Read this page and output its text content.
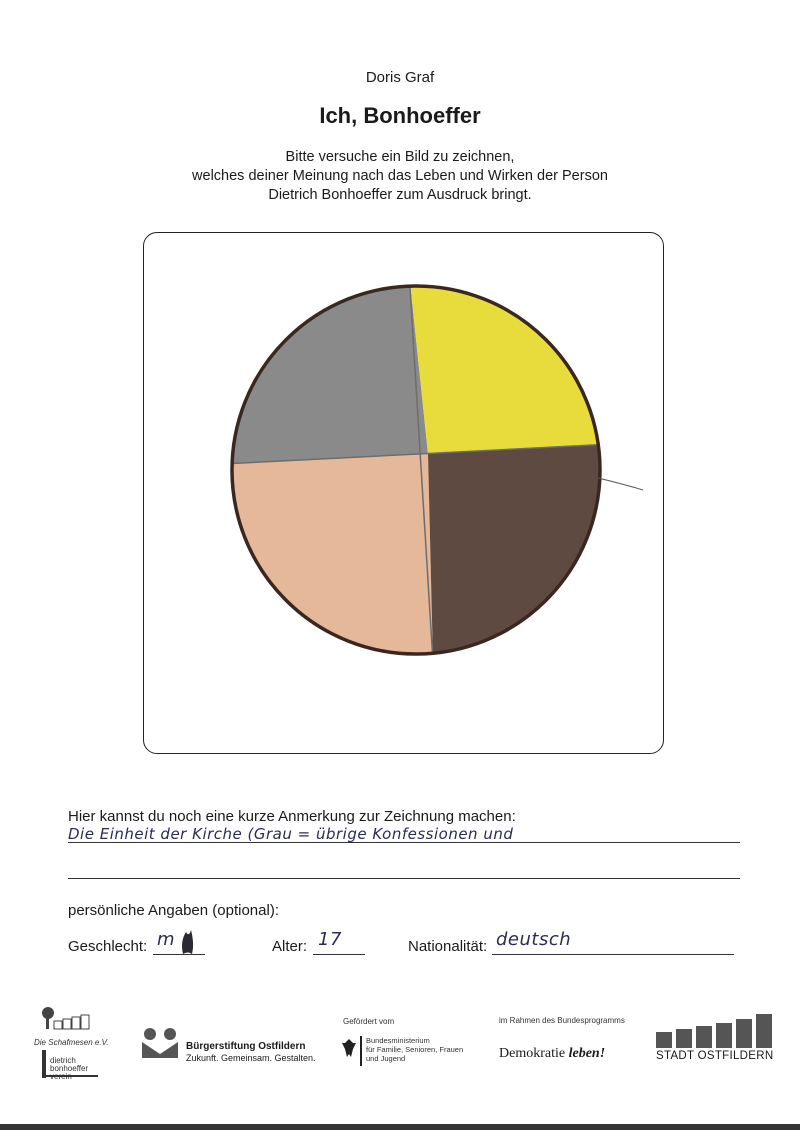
Doris Graf
Ich, Bonhoeffer
Bitte versuche ein Bild zu zeichnen,
welches deiner Meinung nach das Leben und Wirken der Person
Dietrich Bonhoeffer zum Ausdruck bringt.
Hier kannst du noch eine kurze Anmerkung zur Zeichnung machen:
Die Einheit der Kirche (Grau = übrige Konfessionen und
persönliche Angaben (optional):
Geschlecht: m	Alter: 17	Nationalität: deutsch
Die Schafmesen e.V.
dietrich
bonhoeffer
verein
Bürgerstiftung Ostfildern
Zukunft. Gemeinsam. Gestalten.
Gefördert vom
Bundesministerium
für Familie, Senioren, Frauen
und Jugend
im Rahmen des Bundesprogramms
Demokratie leben!	STADT OSTFILDERN
